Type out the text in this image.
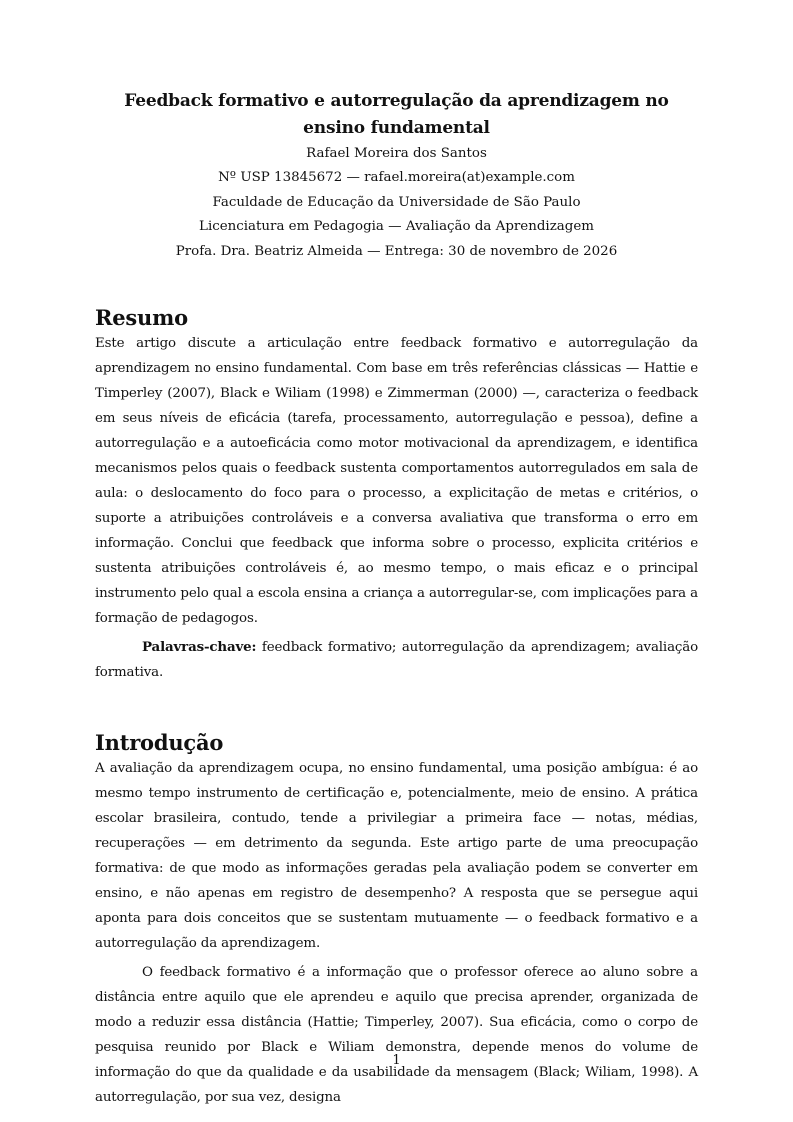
Feedback formativo e autorregulação da aprendizagem no ensino fundamental
Rafael Moreira dos Santos
Nº USP 13845672 — rafael.moreira(at)example.com
Faculdade de Educação da Universidade de São Paulo
Licenciatura em Pedagogia — Avaliação da Aprendizagem
Profa. Dra. Beatriz Almeida — Entrega: 30 de novembro de 2026
Resumo

Este artigo discute a articulação entre feedback formativo e autorregulação da aprendizagem no ensino fundamental. Com base em três referências clássicas — Hattie e Timperley (2007), Black e Wiliam (1998) e Zimmerman (2000) —, caracteriza o feedback em seus níveis de eficácia (tarefa, processamento, autorregulação e pessoa), define a autorregulação e a autoeficácia como motor motivacional da aprendizagem, e identifica mecanismos pelos quais o feedback sustenta comportamentos autorregulados em sala de aula: o deslocamento do foco para o processo, a explicitação de metas e critérios, o suporte a atribuições controláveis e a conversa avaliativa que transforma o erro em informação. Conclui que feedback que informa sobre o processo, explicita critérios e sustenta atribuições controláveis é, ao mesmo tempo, o mais eficaz e o principal instrumento pelo qual a escola ensina a criança a autorregular-se, com implicações para a formação de pedagogos.

Palavras-chave: feedback formativo; autorregulação da aprendizagem; avaliação formativa.

Introdução

A avaliação da aprendizagem ocupa, no ensino fundamental, uma posição ambígua: é ao mesmo tempo instrumento de certificação e, potencialmente, meio de ensino. A prática escolar brasileira, contudo, tende a privilegiar a primeira face — notas, médias, recuperações — em detrimento da segunda. Este artigo parte de uma preocupação formativa: de que modo as informações geradas pela avaliação podem se converter em ensino, e não apenas em registro de desempenho? A resposta que se persegue aqui aponta para dois conceitos que se sustentam mutuamente — o feedback formativo e a autorregulação da aprendizagem.

O feedback formativo é a informação que o professor oferece ao aluno sobre a distância entre aquilo que ele aprendeu e aquilo que precisa aprender, organizada de modo a reduzir essa distância (Hattie; Timperley, 2007). Sua eficácia, como o corpo de pesquisa reunido por Black e Wiliam demonstra, depende menos do volume de informação do que da qualidade e da usabilidade da mensagem (Black; Wiliam, 1998). A autorregulação, por sua vez, designa

1
